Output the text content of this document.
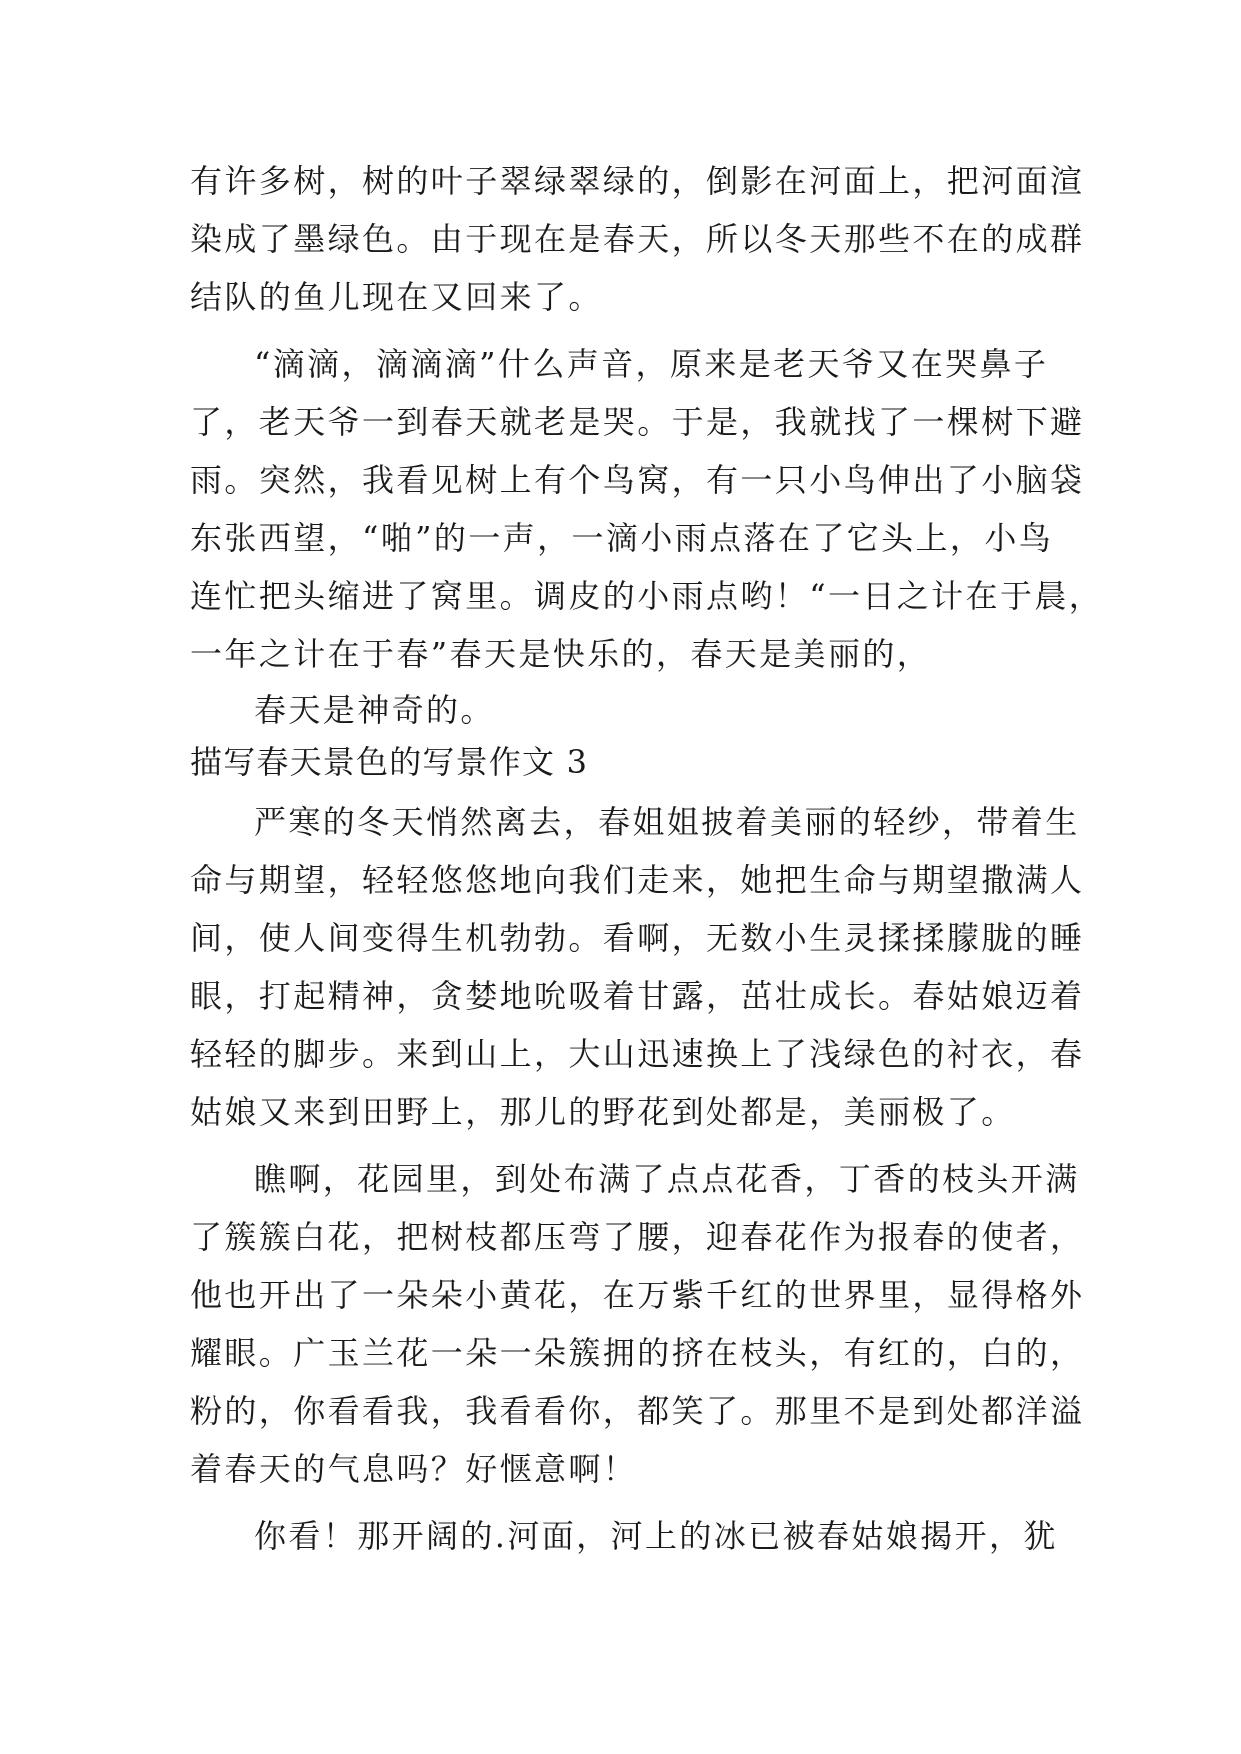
有许多树，树的叶子翠绿翠绿的，倒影在河面上，把河面渲
染成了墨绿色。由于现在是春天，所以冬天那些不在的成群
结队的鱼儿现在又回来了。
“滴滴，滴滴滴”什么声音，原来是老天爷又在哭鼻子
了，老天爷一到春天就老是哭。于是，我就找了一棵树下避
雨。突然，我看见树上有个鸟窝，有一只小鸟伸出了小脑袋
东张西望，“啪”的一声，一滴小雨点落在了它头上，小鸟
连忙把头缩进了窝里。调皮的小雨点哟！“一日之计在于晨，
一年之计在于春”春天是快乐的，春天是美丽的，
春天是神奇的。
描写春天景色的写景作文 3
严寒的冬天悄然离去，春姐姐披着美丽的轻纱，带着生
命与期望，轻轻悠悠地向我们走来，她把生命与期望撒满人
间，使人间变得生机勃勃。看啊，无数小生灵揉揉朦胧的睡
眼，打起精神，贪婪地吮吸着甘露，茁壮成长。春姑娘迈着
轻轻的脚步。来到山上，大山迅速换上了浅绿色的衬衣，春
姑娘又来到田野上，那儿的野花到处都是，美丽极了。
瞧啊，花园里，到处布满了点点花香，丁香的枝头开满
了簇簇白花，把树枝都压弯了腰，迎春花作为报春的使者，
他也开出了一朵朵小黄花，在万紫千红的世界里，显得格外
耀眼。广玉兰花一朵一朵簇拥的挤在枝头，有红的，白的，
粉的，你看看我，我看看你，都笑了。那里不是到处都洋溢
着春天的气息吗？好惬意啊！
你看！那开阔的.河面，河上的冰已被春姑娘揭开，犹
